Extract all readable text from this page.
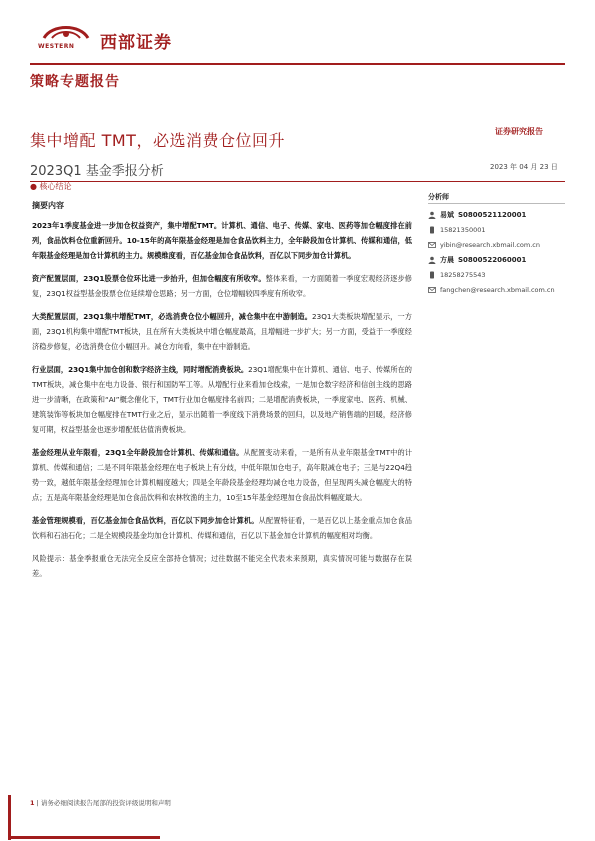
WESTERN 西部证券
策略专题报告
集中增配 TMT，必选消费仓位回升
2023Q1 基金季报分析
证券研究报告
2023 年 04 月 23 日
● 核心结论
摘要内容

2023年1季度基金进一步加仓权益资产，集中增配TMT。计算机、通信、电子、传媒、家电、医药等加仓幅度排在前列，食品饮料仓位重新回升。10-15年的高年限基金经理是加仓食品饮料主力，全年龄段加仓计算机、传媒和通信，低年限基金经理是加仓计算机的主力。规模维度看，百亿基金加仓食品饮料，百亿以下同步加仓计算机。

资产配置层面，23Q1股票仓位环比进一步抬升，但加仓幅度有所收窄。整体来看，一方面随着一季度宏观经济逐步修复，23Q1权益型基金股票仓位延续增仓思路；另一方面，仓位增幅较四季度有所收窄。

大类配置层面，23Q1集中增配TMT，必选消费仓位小幅回升，减仓集中在中游制造。23Q1大类板块增配显示，一方面，23Q1机构集中增配TMT板块，且在所有大类板块中增仓幅度最高，且增幅进一步扩大；另一方面，受益于一季度经济稳步修复，必选消费仓位小幅回升。减仓方向看，集中在中游制造。

行业层面，23Q1集中加仓创和数字经济主线，同时增配消费板块。23Q1增配集中在计算机、通信、电子、传媒所在的TMT板块，减仓集中在电力设备、银行和国防军工等。从增配行业来看加仓线索，一是加仓数字经济和信创主线的思路进一步清晰，在政策和“AI”概念催化下，TMT行业加仓幅度排名前四；二是增配消费板块，一季度家电、医药、机械、建筑装饰等板块加仓幅度排在TMT行业之后，显示出随着一季度线下消费场景的回归，以及地产销售端的回暖，经济修复可期，权益型基金也逐步增配低估值消费板块。

基金经理从业年限看，23Q1全年龄段加仓计算机、传媒和通信。从配置变动来看，一是所有从业年限基金TMT中的计算机、传媒和通信；二是不同年限基金经理在电子板块上有分歧，中低年限加仓电子，高年限减仓电子；三是与22Q4趋势一致，越低年限基金经理加仓计算机幅度越大；四是全年龄段基金经理均减仓电力设备，但呈现两头减仓幅度大的特点；五是高年限基金经理是加仓食品饮料和农林牧渔的主力，10至15年基金经理加仓食品饮料幅度最大。

基金管理规模看，百亿基金加仓食品饮料，百亿以下同步加仓计算机。从配置特征看，一是百亿以上基金重点加仓食品饮料和石油石化；二是全规模段基金均加仓计算机、传媒和通信，百亿以下基金加仓计算机的幅度相对均衡。

风险提示：基金季报重仓无法完全反应全部持仓情况；过往数据不能完全代表未来预期，真实情况可能与数据存在误差。

分析师
易斌 S0800521120001
15821350001
yibin@research.xbmail.com.cn
方晨 S0800522060001
18258275543
fangchen@research.xbmail.com.cn
1 | 请务必细阅读报告尾部的投资评级说明和声明
